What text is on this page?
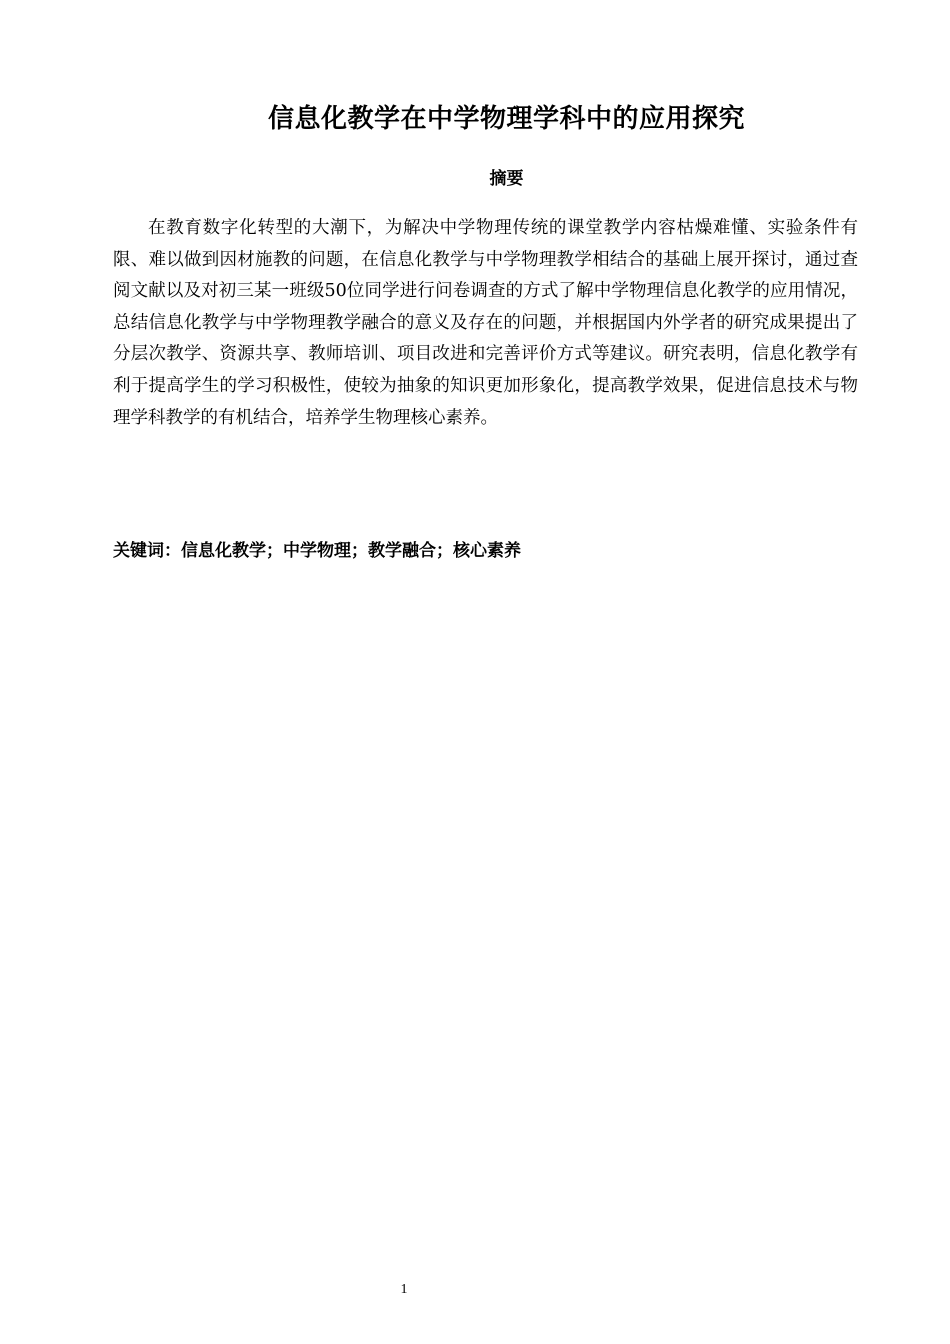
信息化教学在中学物理学科中的应用探究
摘要

在教育数字化转型的大潮下，为解决中学物理传统的课堂教学内容枯燥难懂、实验条件有限、难以做到因材施教的问题，在信息化教学与中学物理教学相结合的基础上展开探讨，通过查阅文献以及对初三某一班级50位同学进行问卷调查的方式了解中学物理信息化教学的应用情况，总结信息化教学与中学物理教学融合的意义及存在的问题，并根据国内外学者的研究成果提出了分层次教学、资源共享、教师培训、项目改进和完善评价方式等建议。研究表明，信息化教学有利于提高学生的学习积极性，使较为抽象的知识更加形象化，提高教学效果，促进信息技术与物理学科教学的有机结合，培养学生物理核心素养。

关键词：信息化教学；中学物理；教学融合；核心素养

1
